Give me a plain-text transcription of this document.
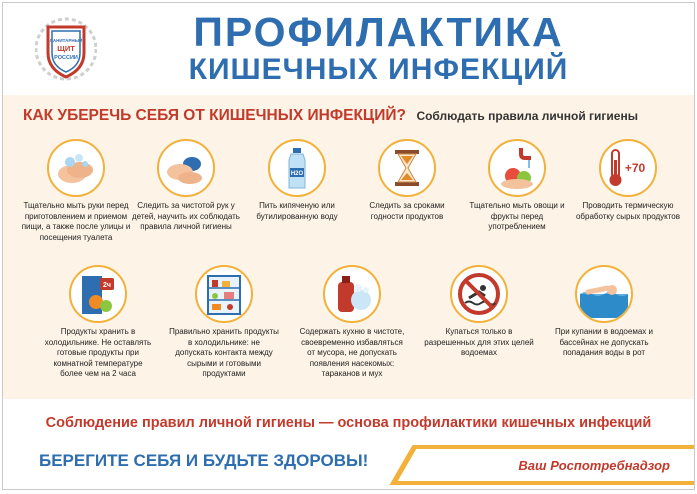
САНИТАРНЫЙ
ЩИТ
РОССИИ
ПРОФИЛАКТИКА
КИШЕЧНЫХ ИНФЕКЦИЙ
КАК УБЕРЕЧЬ СЕБЯ ОТ КИШЕЧНЫХ ИНФЕКЦИЙ? Соблюдать правила личной гигиены
Тщательно мыть руки перед приготовлением и приемом пищи, а также после улицы и посещения туалета
Следить за чистотой рук у детей, научить их соблюдать правила личной гигиены
H2O
Пить кипяченую или бутилированную воду
Следить за сроками годности продуктов
Тщательно мыть овощи и фрукты перед употреблением
+70
Проводить термическую обработку сырых продуктов
2ч
Продукты хранить в холодильнике. Не оставлять готовые продукты при комнатной температуре более чем на 2 часа
Правильно хранить продукты в холодильнике: не допускать контакта между сырыми и готовыми продуктами
Содержать кухню в чистоте, своевременно избавляться от мусора, не допускать появления насекомых: тараканов и мух
Купаться только в разрешенных для этих целей водоемах
При купании в водоемах и бассейнах не допускать попадания воды в рот
Соблюдение правил личной гигиены — основа профилактики кишечных инфекций
БЕРЕГИТЕ СЕБЯ И БУДЬТЕ ЗДОРОВЫ!	Ваш Роспотребнадзор
